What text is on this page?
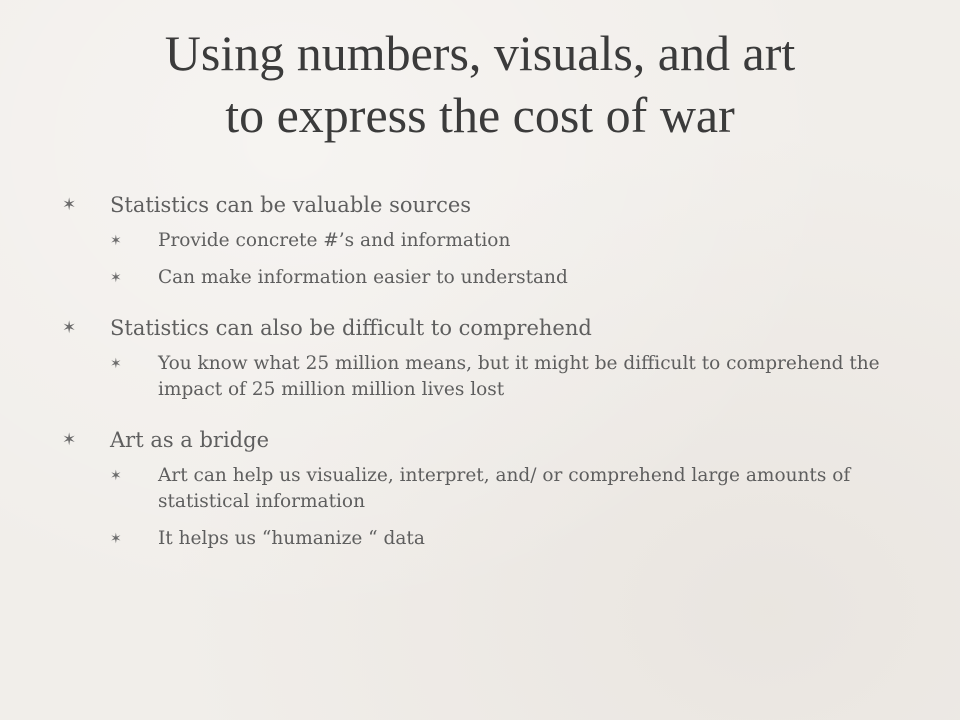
Using numbers, visuals, and art
to express the cost of war
✶ Statistics can be valuable sources
✶ Provide concrete #’s and information
✶ Can make information easier to understand
✶ Statistics can also be difficult to comprehend
✶ You know what 25 million means, but it might be difficult to comprehend the impact of 25 million million lives lost
✶ Art as a bridge
✶ Art can help us visualize, interpret, and/ or comprehend large amounts of statistical information
✶ It helps us “humanize “ data
